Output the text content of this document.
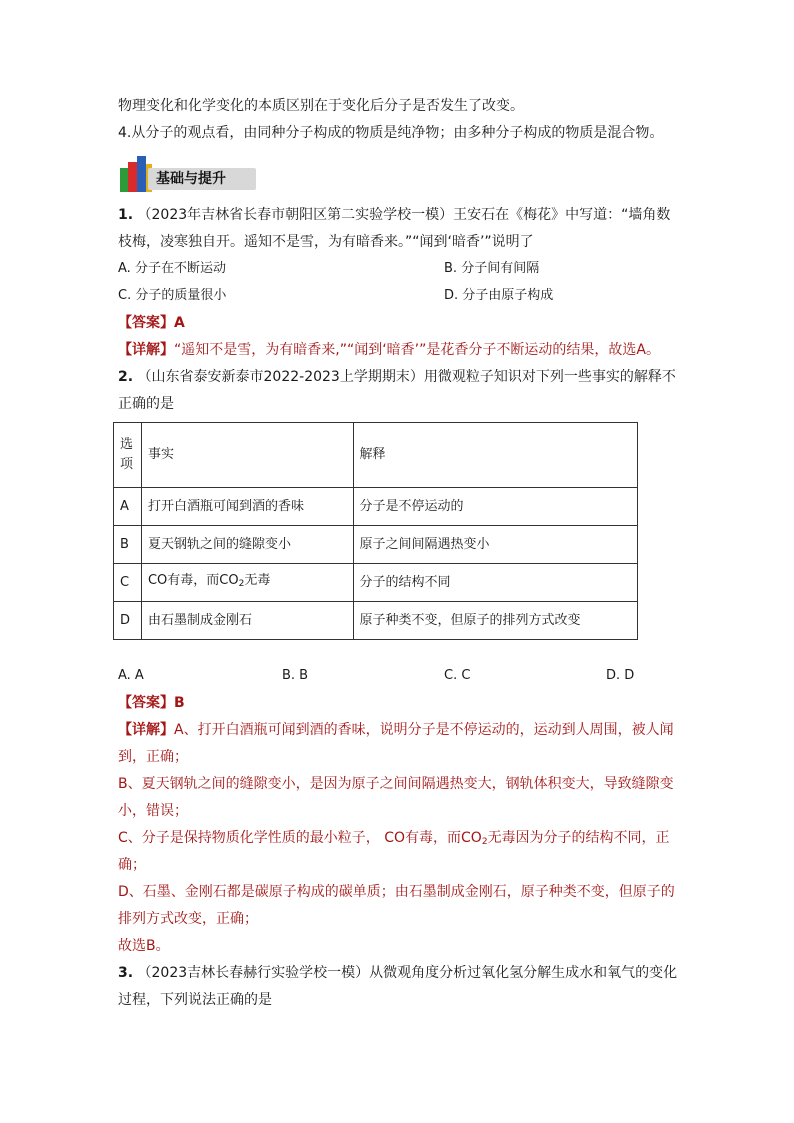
物理变化和化学变化的本质区别在于变化后分子是否发生了改变。
4.从分子的观点看，由同种分子构成的物质是纯净物；由多种分子构成的物质是混合物。
基础与提升
1. （2023年吉林省长春市朝阳区第二实验学校一模）王安石在《梅花》中写道：“墙角数
枝梅，凌寒独自开。遥知不是雪，为有暗香来。”“闻到‘暗香’”说明了
A. 分子在不断运动	B. 分子间有间隔
C. 分子的质量很小	D. 分子由原子构成
【答案】A
【详解】“遥知不是雪，为有暗香来,”“闻到‘暗香’”是花香分子不断运动的结果，故选A。
2. （山东省泰安新泰市2022-2023上学期期末）用微观粒子知识对下列一些事实的解释不
正确的是
选
项	事实	解释
A	打开白酒瓶可闻到酒的香味	分子是不停运动的
B	夏天钢轨之间的缝隙变小	原子之间间隔遇热变小
C	CO有毒，而$CO_2$无毒	分子的结构不同
D	由石墨制成金刚石	原子种类不变，但原子的排列方式改变
A. A	B. B	C. C	D. D
【答案】B
【详解】A、打开白酒瓶可闻到酒的香味，说明分子是不停运动的，运动到人周围，被人闻
到，正确；
B、夏天钢轨之间的缝隙变小，是因为原子之间间隔遇热变大，钢轨体积变大，导致缝隙变
小，错误；
C、分子是保持物质化学性质的最小粒子， CO有毒，而$CO_2$无毒因为分子的结构不同，正
确；
D、石墨、金刚石都是碳原子构成的碳单质；由石墨制成金刚石，原子种类不变，但原子的
排列方式改变，正确；
故选B。
3. （2023吉林长春赫行实验学校一模）从微观角度分析过氧化氢分解生成水和氧气的变化
过程，下列说法正确的是
